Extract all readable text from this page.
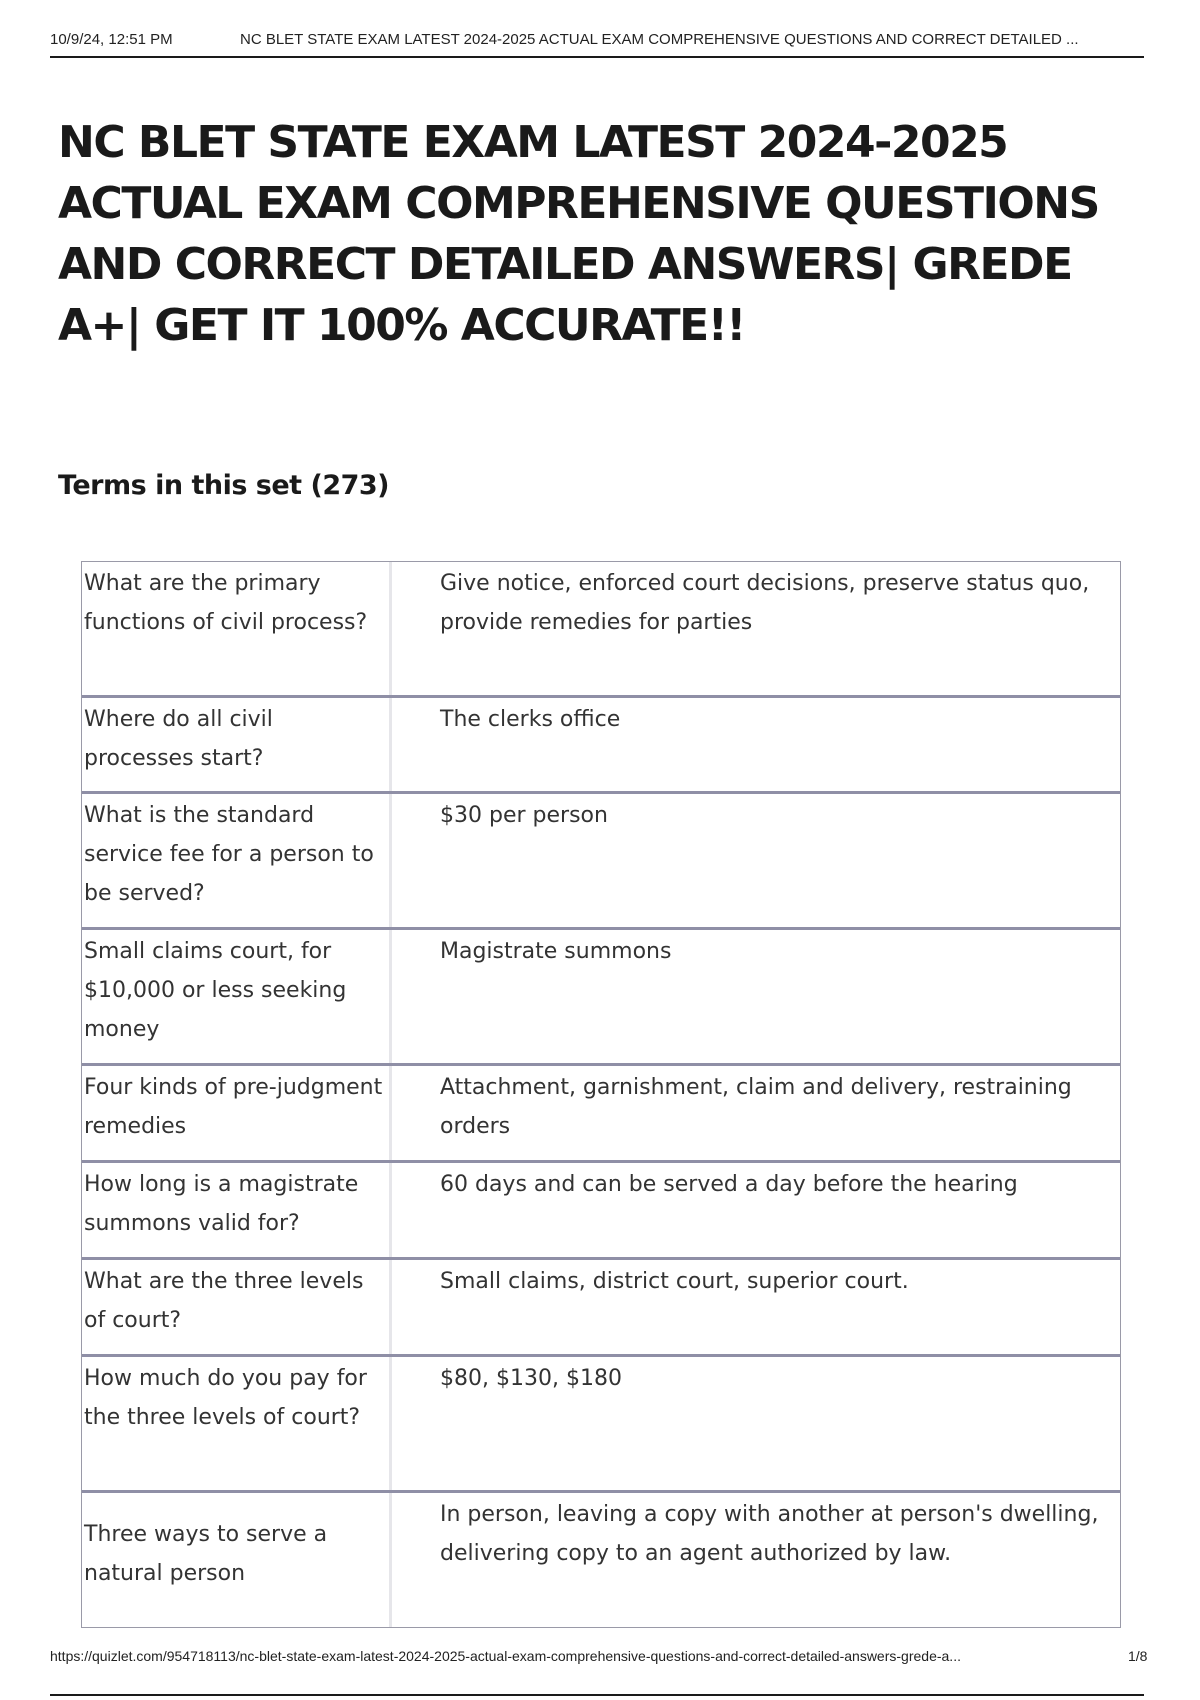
10/9/24, 12:51 PM	NC BLET STATE EXAM LATEST 2024-2025 ACTUAL EXAM COMPREHENSIVE QUESTIONS AND CORRECT DETAILED ...
NC BLET STATE EXAM LATEST 2024-2025 ACTUAL EXAM COMPREHENSIVE QUESTIONS AND CORRECT DETAILED ANSWERS| GREDE A+| GET IT 100% ACCURATE!!
Terms in this set (273)
What are the primary functions of civil process?
Give notice, enforced court decisions, preserve status quo, provide remedies for parties
Where do all civil processes start?
The clerks office
What is the standard service fee for a person to be served?
$30 per person
Small claims court, for $10,000 or less seeking money
Magistrate summons
Four kinds of pre-judgment remedies
Attachment, garnishment, claim and delivery, restraining orders
How long is a magistrate summons valid for?
60 days and can be served a day before the hearing
What are the three levels of court?
Small claims, district court, superior court.
How much do you pay for the three levels of court?
$80, $130, $180
Three ways to serve a natural person
In person, leaving a copy with another at person's dwelling, delivering copy to an agent authorized by law.
https://quizlet.com/954718113/nc-blet-state-exam-latest-2024-2025-actual-exam-comprehensive-questions-and-correct-detailed-answers-grede-a...	1/8
